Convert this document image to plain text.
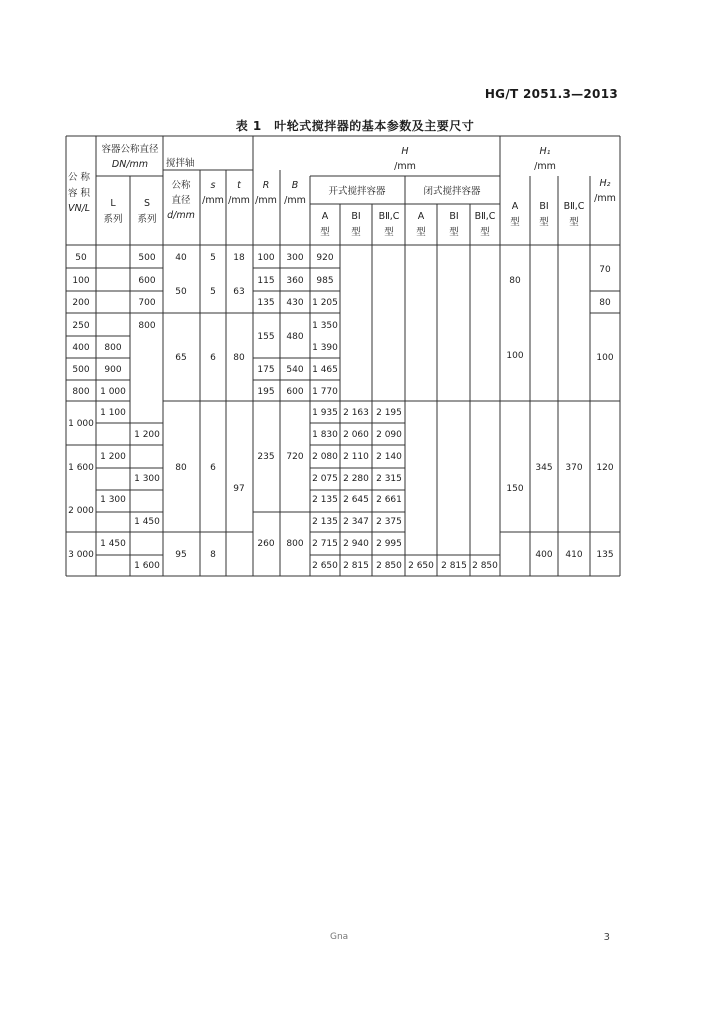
HG/T 2051.3—2013
表 1　叶轮式搅拌器的基本参数及主要尺寸
公 称
容 积
VN/L
容器公称直径
DN/mm
L
系列
S
系列
搅拌轴
公称
直径
d/mm
s
/mm
t
/mm
R
/mm
B
/mm
H
/mm
开式搅拌容器	闭式搅拌容器
A
型
BⅠ
型
BⅡ,C
型
A
型
BⅠ
型
BⅡ,C
型
H₁
/mm
A
型
BⅠ
型
BⅡ,C
型
H₂
/mm
50
100
200
250
400
500
800
1 000
1 600
2 000
3 000
800
900
1 000
1 100
1 200
1 300
1 450
500
600
700
800
1 200
1 300
1 450
1 600
40
50
65
80
95
5
5
6
6
8
18
63
80
97
100
115
135
155
175
195
235
260
300
360
430
480
540
600
720
800
920
985
1 205
1 350
1 390
1 465
1 770
1 935
1 830
2 080
2 075
2 135
2 135
2 715
2 650
2 163
2 060
2 110
2 280
2 645
2 347
2 940
2 815
2 195
2 090
2 140
2 315
2 661
2 375
2 995
2 850 2 650 2 815 2 850
80
100
150
345
400
370
410
70
80
100
120
135
Gna	3
